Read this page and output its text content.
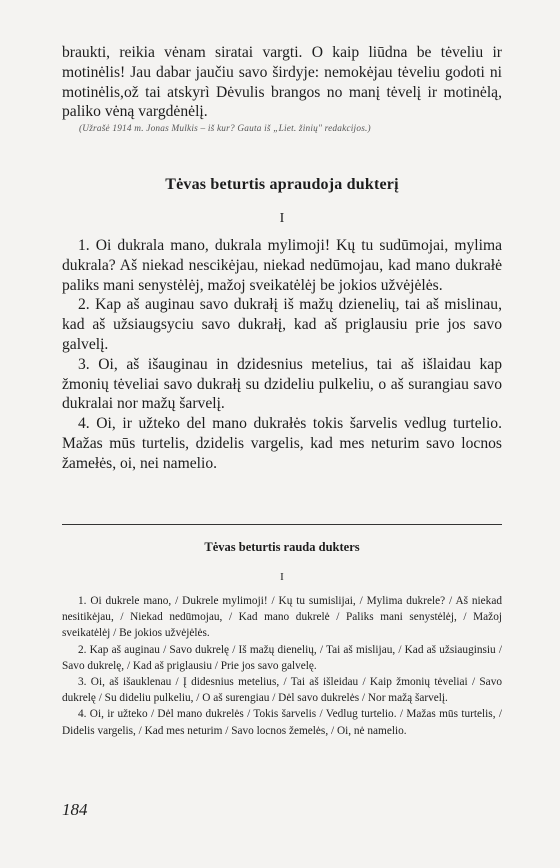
braukti, reikia vėnam siratai vargti. O kaip liūdna be tėveliu ir motinėlis! Jau dabar jaučiu savo širdyje: nemokėjau tėveliu godoti ni motinėlis,ož tai atskyrì Dėvulis brangos no manį tėvelį ir motinėlą, paliko vėną vargdėnėlį.

(Užrašė 1914 m. Jonas Mulkis – iš kur? Gauta iš „Liet. žinių" redakcijos.)
Tėvas beturtis apraudoja dukterį
I

1. Oi dukrala mano, dukrala mylimoji! Kų tu sudūmojai, mylima dukrala? Aš niekad nescikėjau, niekad nedūmojau, kad mano dukrałė paliks mani senystėlėj, mažoj sveikatėlėj be jokios užvėjėlės.

2. Kap aš auginau savo dukrałį iš mažų dzienelių, tai aš mislinau, kad aš užsiaugsyciu savo dukrałį, kad aš priglausiu prie jos savo galvelį.

3. Oi, aš išauginau in dzidesnius metelius, tai aš išlaidau kap žmonių tėveliai savo dukrałį su dzideliu pulkeliu, o aš surangiau savo dukralai nor mažų šarvelį.

4. Oi, ir užteko del mano dukrałės tokis šarvelis vedlug turtelio. Mažas mūs turtelis, dzidelis vargelis, kad mes neturim savo locnos žamełės, oi, nei namelio.

Tėvas beturtis rauda dukters
I

1. Oi dukrele mano, / Dukrele mylimoji! / Kų tu sumislijai, / Mylima dukrele? / Aš niekad nesitikėjau, / Niekad nedūmojau, / Kad mano dukrelė / Paliks mani senystėlėj, / Mažoj sveikatėlėj / Be jokios užvėjėlės.

2. Kap aš auginau / Savo dukrelę / Iš mažų dienelių, / Tai aš mislijau, / Kad aš užsiauginsiu / Savo dukrelę, / Kad aš priglausiu / Prie jos savo galvelę.

3. Oi, aš išauklenau / Į didesnius metelius, / Tai aš išleidau / Kaip žmonių tėveliai / Savo dukrelę / Su dideliu pulkeliu, / O aš surengiau / Dėl savo dukrelės / Nor mažą šarvelį.

4. Oi, ir užteko / Dėl mano dukrelės / Tokis šarvelis / Vedlug turtelio. / Mažas mūs turtelis, / Didelis vargelis, / Kad mes neturim / Savo locnos žemelės, / Oi, nė namelio.

184
